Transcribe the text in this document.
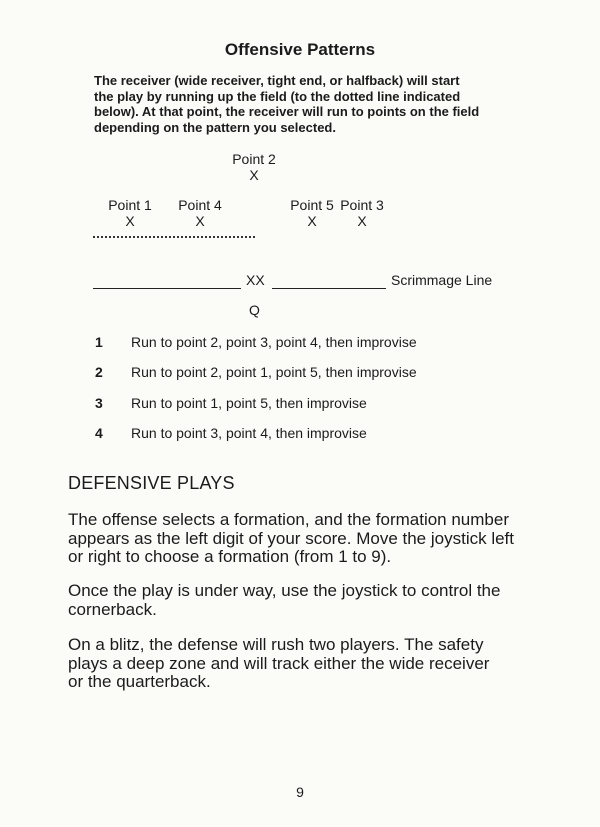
Offensive Patterns
The receiver (wide receiver, tight end, or halfback) will start
the play by running up the field (to the dotted line indicated
below). At that point, the receiver will run to points on the field
depending on the pattern you selected.
Point 2
X
Point 1
X
Point 4
X
Point 5
X
Point 3
X
XX	Scrimmage Line
Q
1 Run to point 2, point 3, point 4, then improvise
2 Run to point 2, point 1, point 5, then improvise
3 Run to point 1, point 5, then improvise
4 Run to point 3, point 4, then improvise
DEFENSIVE PLAYS
The offense selects a formation, and the formation number
appears as the left digit of your score. Move the joystick left
or right to choose a formation (from 1 to 9).
Once the play is under way, use the joystick to control the
cornerback.
On a blitz, the defense will rush two players. The safety
plays a deep zone and will track either the wide receiver
or the quarterback.
9
